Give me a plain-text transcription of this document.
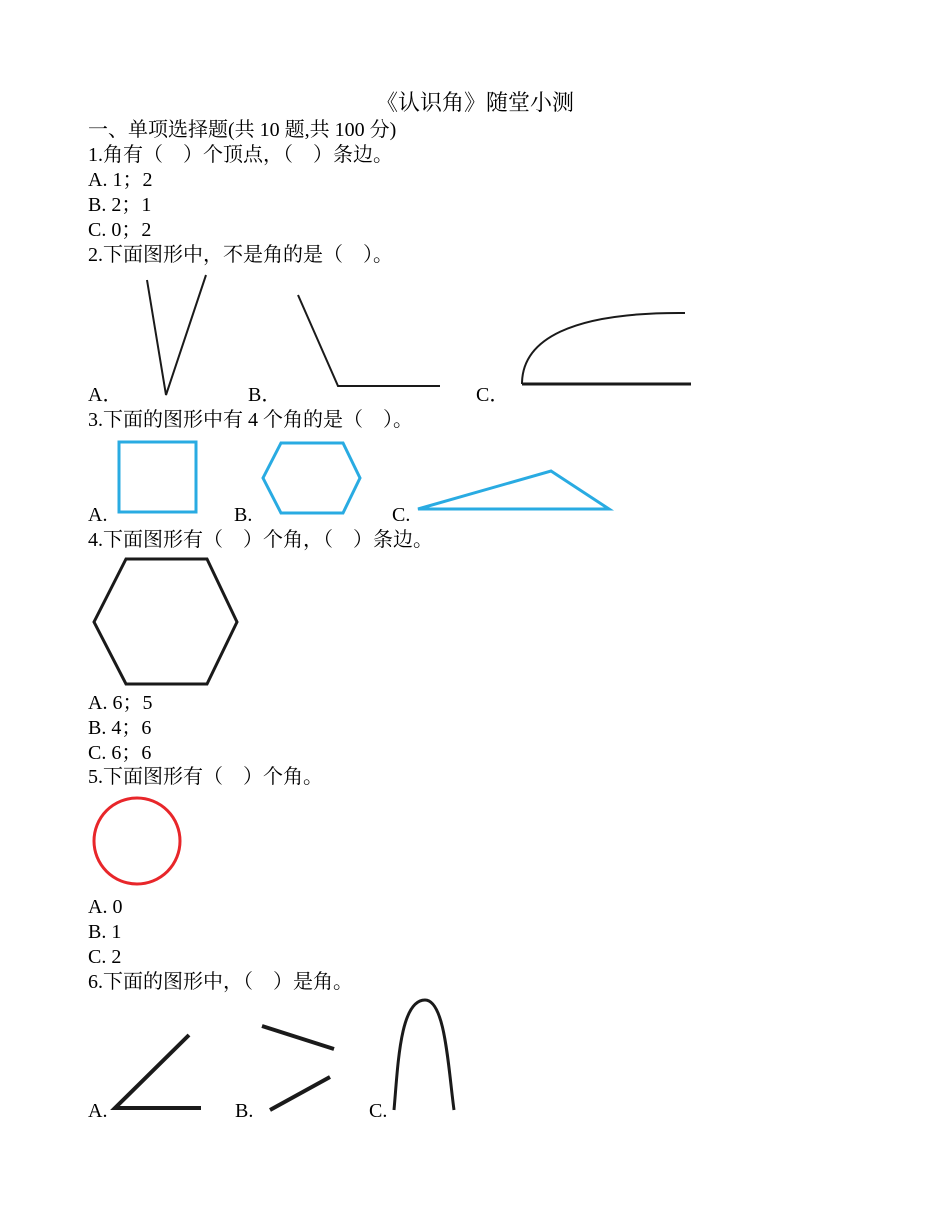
《认识角》随堂小测
一、单项选择题(共 10 题,共 100 分)
1.角有（　）个顶点，（　）条边。
A. 1；2
B. 2；1
C. 0；2
2.下面图形中，不是角的是（　）。
A．	B．	C．
3.下面的图形中有 4 个角的是（　）。
A.	B.	C.
4.下面图形有（　）个角，（　）条边。
A. 6；5
B. 4；6
C. 6；6
5.下面图形有（　）个角。
A. 0
B. 1
C. 2
6.下面的图形中，（　）是角。
A.	B.	C.
